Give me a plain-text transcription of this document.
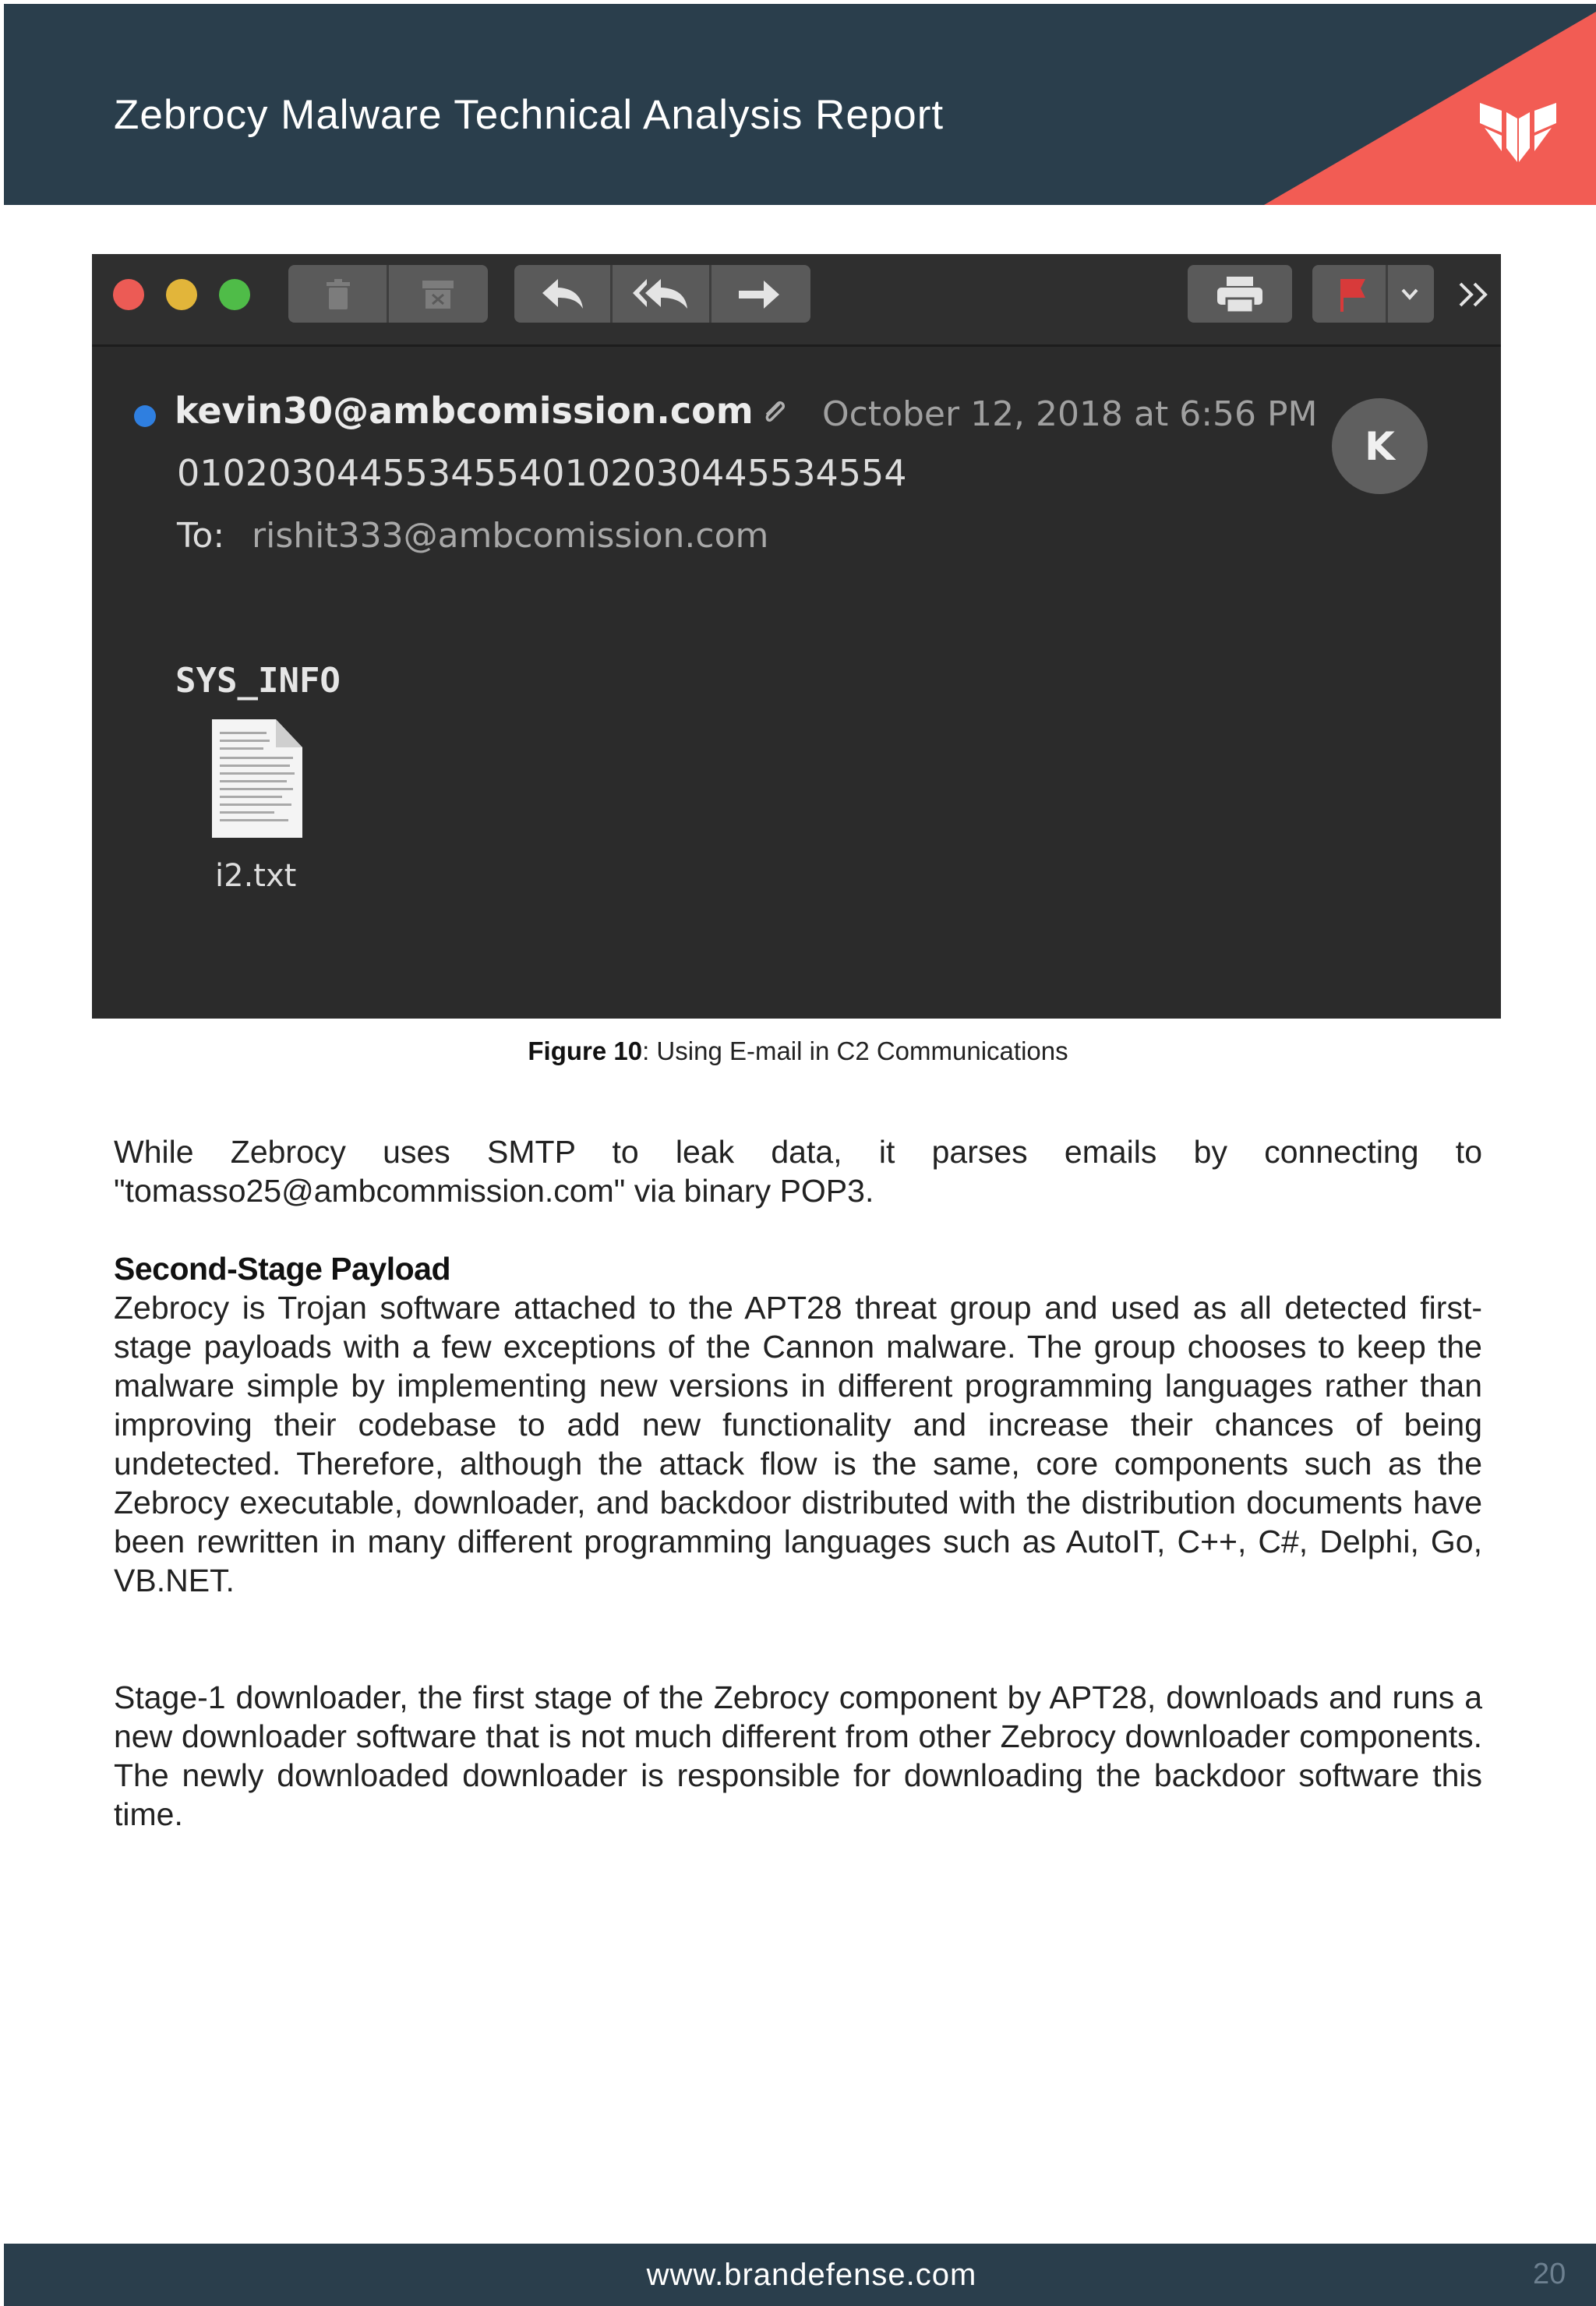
Zebrocy Malware Technical Analysis Report
kevin30@ambcomission.com October 12, 2018 at 6:56 PM
K
01020304455345540102030445534554
To: rishit333@ambcomission.com
SYS_INFO
i2.txt
Figure 10: Using E-mail in C2 Communications

While Zebrocy uses SMTP to leak data, it parses emails by connecting to "tomasso25@ambcommission.com" via binary POP3.

Second-Stage Payload

Zebrocy is Trojan software attached to the APT28 threat group and used as all detected first-stage payloads with a few exceptions of the Cannon malware. The group chooses to keep the malware simple by implementing new versions in different programming languages rather than improving their codebase to add new functionality and increase their chances of being undetected. Therefore, although the attack flow is the same, core components such as the Zebrocy executable, downloader, and backdoor distributed with the distribution documents have been rewritten in many different programming languages such as AutoIT, C++, C#, Delphi, Go, VB.NET.

Stage-1 downloader, the first stage of the Zebrocy component by APT28, downloads and runs a new downloader software that is not much different from other Zebrocy downloader components. The newly downloaded downloader is responsible for downloading the backdoor software this time.

www.brandefense.com	20
